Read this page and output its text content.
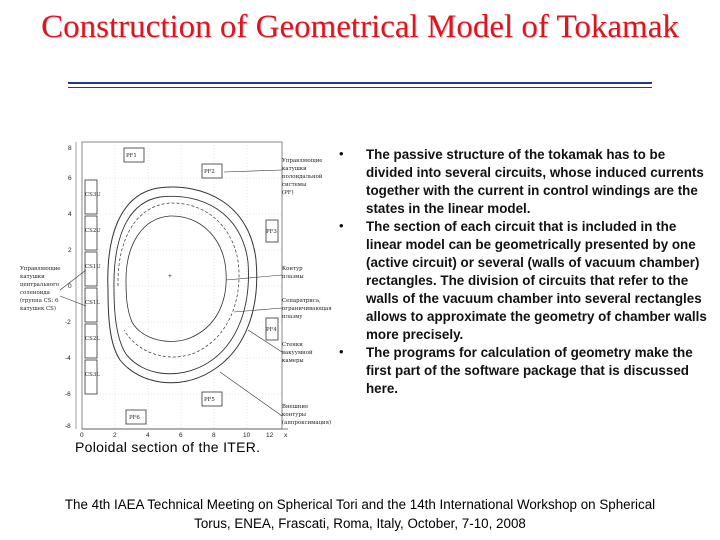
Construction of Geometrical Model of Tokamak
0	2	4	6	8	10 12 x
8
6
4
2
0
-2
-4
-6
-8
CS3U
CS2U
CS1U
CS1L
CS2L
CS3L
PF1
PF2
PF3
PF4
PF5
PF6
+
Управляющие
катушки
центрального
соленоида
(группа CS: 6
катушек CS)
Управляющие
катушки
полоидальной
системы
(PF)
Контур
плазмы
Сепаратриса,
ограничивающая
плазму
Стенки
вакуумной
камеры
Внешние
контуры
(аппроксимация)
Poloidal section of the ITER.
• The passive structure of the tokamak has to be divided into several circuits, whose induced currents together with the current in control windings are the states in the linear model.
• The section of each circuit that is included in the linear model can be geometrically presented by one (active circuit) or several (walls of vacuum chamber) rectangles. The division of circuits that refer to the walls of the vacuum chamber into several rectangles allows to approximate the geometry of chamber walls more precisely.
• The programs for calculation of geometry make the first part of the software package that is discussed here.
The 4th IAEA Technical Meeting on Spherical Tori and the 14th International Workshop on Spherical
Torus, ENEA, Frascati, Roma, Italy, October, 7-10, 2008
